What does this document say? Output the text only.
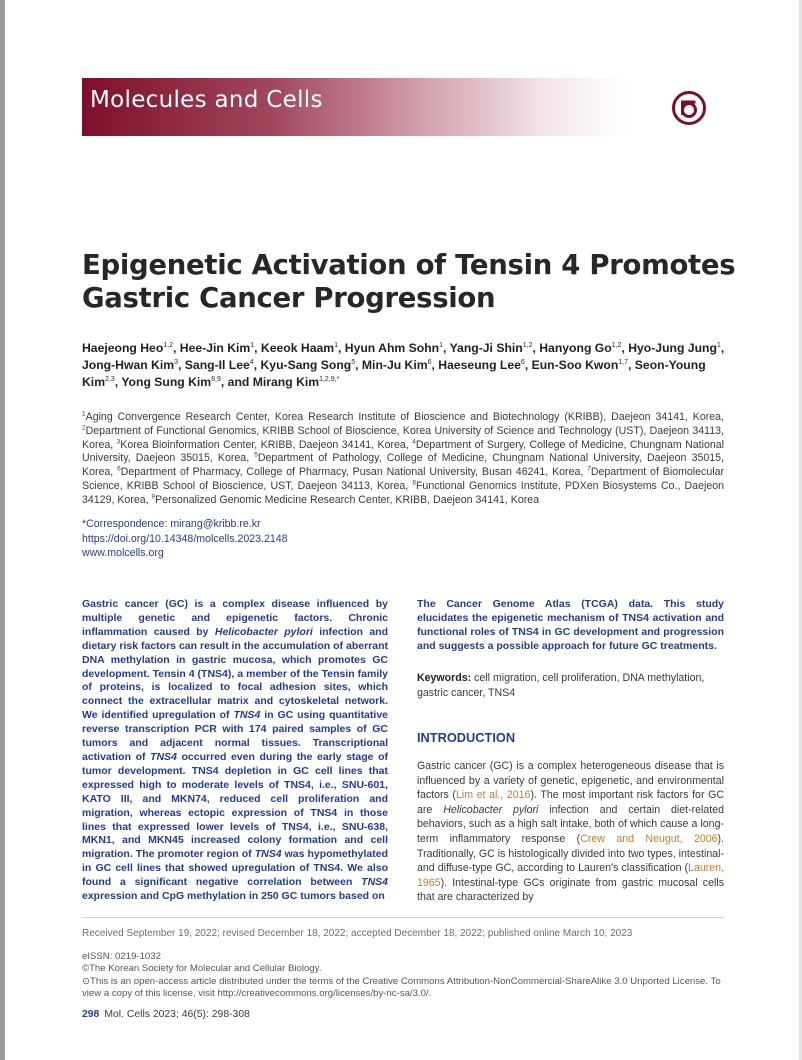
Molecules and Cells
Epigenetic Activation of Tensin 4 Promotes Gastric Cancer Progression
Haejeong Heo$^{1,2}$, Hee-Jin Kim$^1$, Keeok Haam$^1$, Hyun Ahm Sohn$^1$, Yang-Ji Shin$^{1,2}$, Hanyong Go$^{1,2}$, Hyo-Jung Jung$^1$, Jong-Hwan Kim$^3$, Sang-Il Lee$^4$, Kyu-Sang Song$^5$, Min-Ju Kim$^6$, Haeseung Lee$^6$, Eun-Soo Kwon$^{1,7}$, Seon-Young Kim$^{2,3}$, Yong Sung Kim$^{8,9}$, and Mirang Kim$^{1,2,9,*}$
$^1$Aging Convergence Research Center, Korea Research Institute of Bioscience and Biotechnology (KRIBB), Daejeon 34141, Korea, $^2$Department of Functional Genomics, KRIBB School of Bioscience, Korea University of Science and Technology (UST), Daejeon 34113, Korea, $^3$Korea Bioinformation Center, KRIBB, Daejeon 34141, Korea, $^4$Department of Surgery, College of Medicine, Chungnam National University, Daejeon 35015, Korea, $^5$Department of Pathology, College of Medicine, Chungnam National University, Daejeon 35015, Korea, $^6$Department of Pharmacy, College of Pharmacy, Pusan National University, Busan 46241, Korea, $^7$Department of Biomolecular Science, KRIBB School of Bioscience, UST, Daejeon 34113, Korea, $^8$Functional Genomics Institute, PDXen Biosystems Co., Daejeon 34129, Korea, $^9$Personalized Genomic Medicine Research Center, KRIBB, Daejeon 34141, Korea
*Correspondence: mirang@kribb.re.kr
https://doi.org/10.14348/molcells.2023.2148
www.molcells.org
Gastric cancer (GC) is a complex disease influenced by multiple genetic and epigenetic factors. Chronic inflammation caused by Helicobacter pylori infection and dietary risk factors can result in the accumulation of aberrant DNA methylation in gastric mucosa, which promotes GC development. Tensin 4 (TNS4), a member of the Tensin family of proteins, is localized to focal adhesion sites, which connect the extracellular matrix and cytoskeletal network. We identified upregulation of TNS4 in GC using quantitative reverse transcription PCR with 174 paired samples of GC tumors and adjacent normal tissues. Transcriptional activation of TNS4 occurred even during the early stage of tumor development. TNS4 depletion in GC cell lines that expressed high to moderate levels of TNS4, i.e., SNU-601, KATO III, and MKN74, reduced cell proliferation and migration, whereas ectopic expression of TNS4 in those lines that expressed lower levels of TNS4, i.e., SNU-638, MKN1, and MKN45 increased colony formation and cell migration. The promoter region of TNS4 was hypomethylated in GC cell lines that showed upregulation of TNS4. We also found a significant negative correlation between TNS4 expression and CpG methylation in 250 GC tumors based on
The Cancer Genome Atlas (TCGA) data. This study elucidates the epigenetic mechanism of TNS4 activation and functional roles of TNS4 in GC development and progression and suggests a possible approach for future GC treatments.
Keywords: cell migration, cell proliferation, DNA methylation, gastric cancer, TNS4
INTRODUCTION
Gastric cancer (GC) is a complex heterogeneous disease that is influenced by a variety of genetic, epigenetic, and environmental factors (Lim et al., 2016). The most important risk factors for GC are Helicobacter pylori infection and certain diet-related behaviors, such as a high salt intake, both of which cause a long-term inflammatory response (Crew and Neugut, 2006). Traditionally, GC is histologically divided into two types, intestinal- and diffuse-type GC, according to Lauren's classification (Lauren, 1965). Intestinal-type GCs originate from gastric mucosal cells that are characterized by
Received September 19, 2022; revised December 18, 2022; accepted December 18, 2022; published online March 10, 2023
eISSN: 0219-1032
©The Korean Society for Molecular and Cellular Biology.
⊙This is an open-access article distributed under the terms of the Creative Commons Attribution-NonCommercial-ShareAlike 3.0 Unported License. To view a copy of this license, visit http://creativecommons.org/licenses/by-nc-sa/3.0/.
298 Mol. Cells 2023; 46(5): 298-308
